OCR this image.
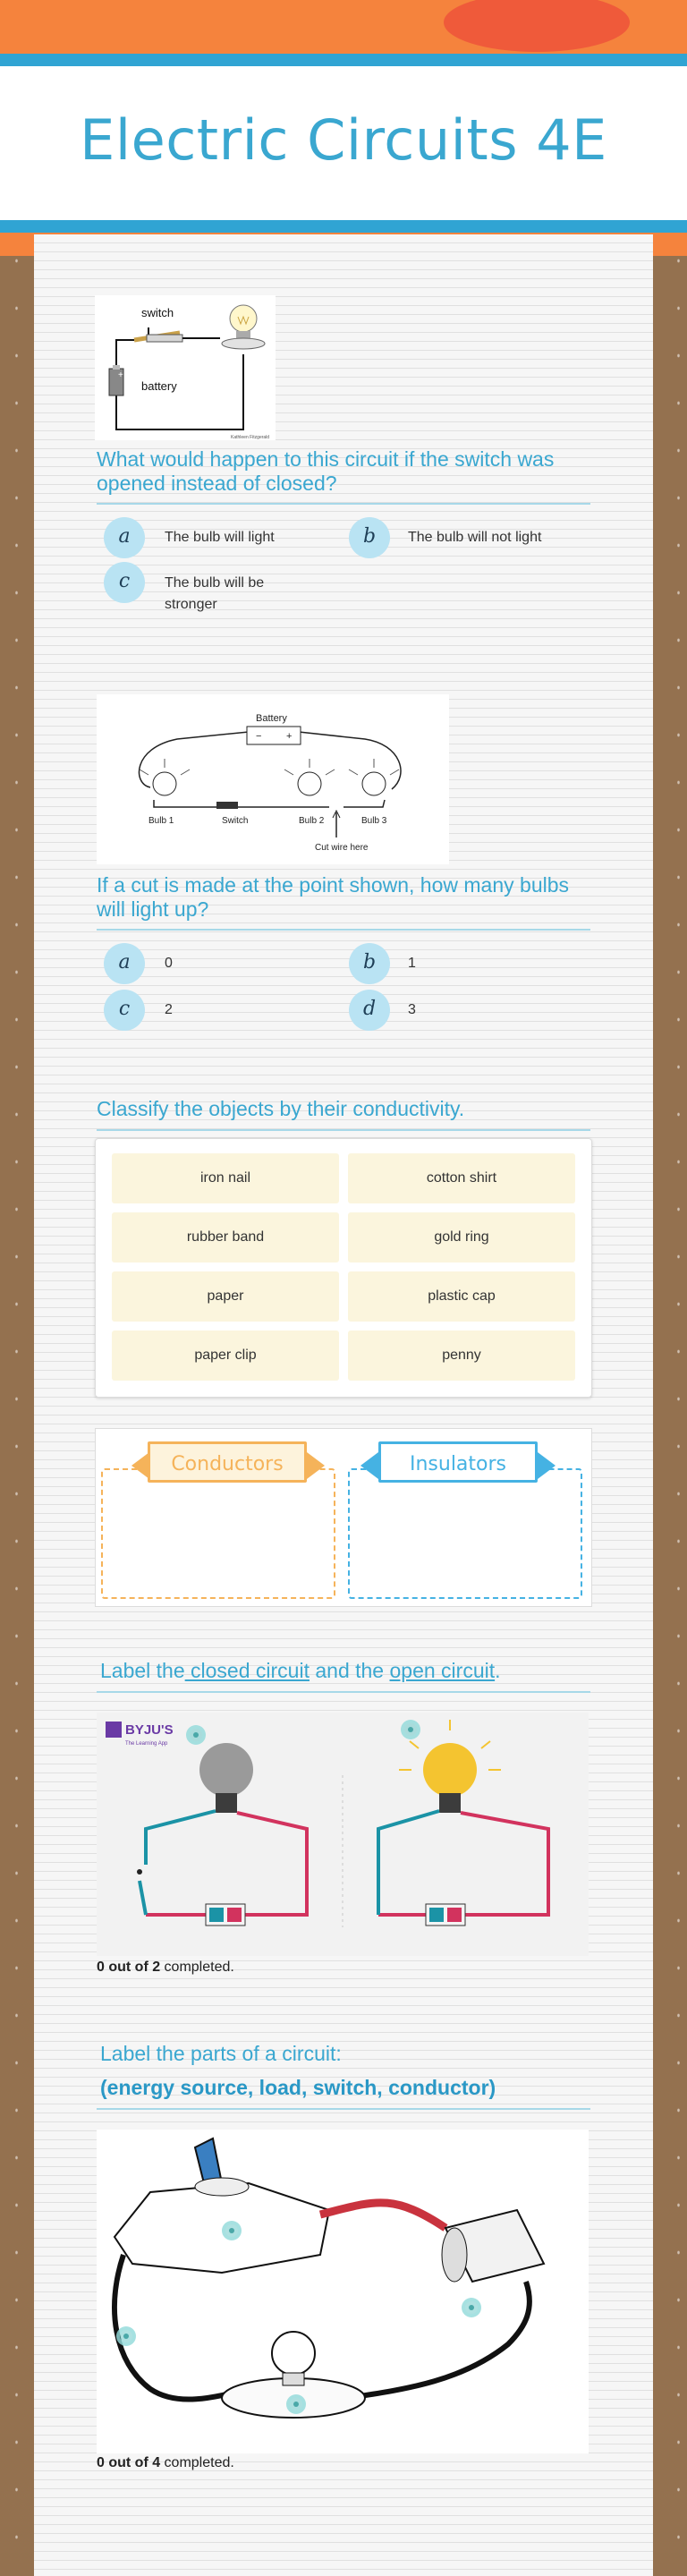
Electric Circuits 4E
switch
battery
Kathleen Fitzgerald
+

What would happen to this circuit if the switch was opened instead of closed?

a	The bulb will light	b	The bulb will not light
c	The bulb will be stronger
−	+
Battery
Bulb 1	Switch	Bulb 2	Bulb 3
Cut wire here

If a cut is made at the point shown, how many bulbs will light up?

a	0	b	1
c	2	d	3

Classify the objects by their conductivity.

iron nail	cotton shirt
rubber band	gold ring
paper	plastic cap
paper clip	penny
Conductors	Insulators

Label the closed circuit and the open circuit.

BYJU'S
The Learning App
0 out of 2 completed.

Label the parts of a circuit:

(energy source, load, switch, conductor)

0 out of 4 completed.
